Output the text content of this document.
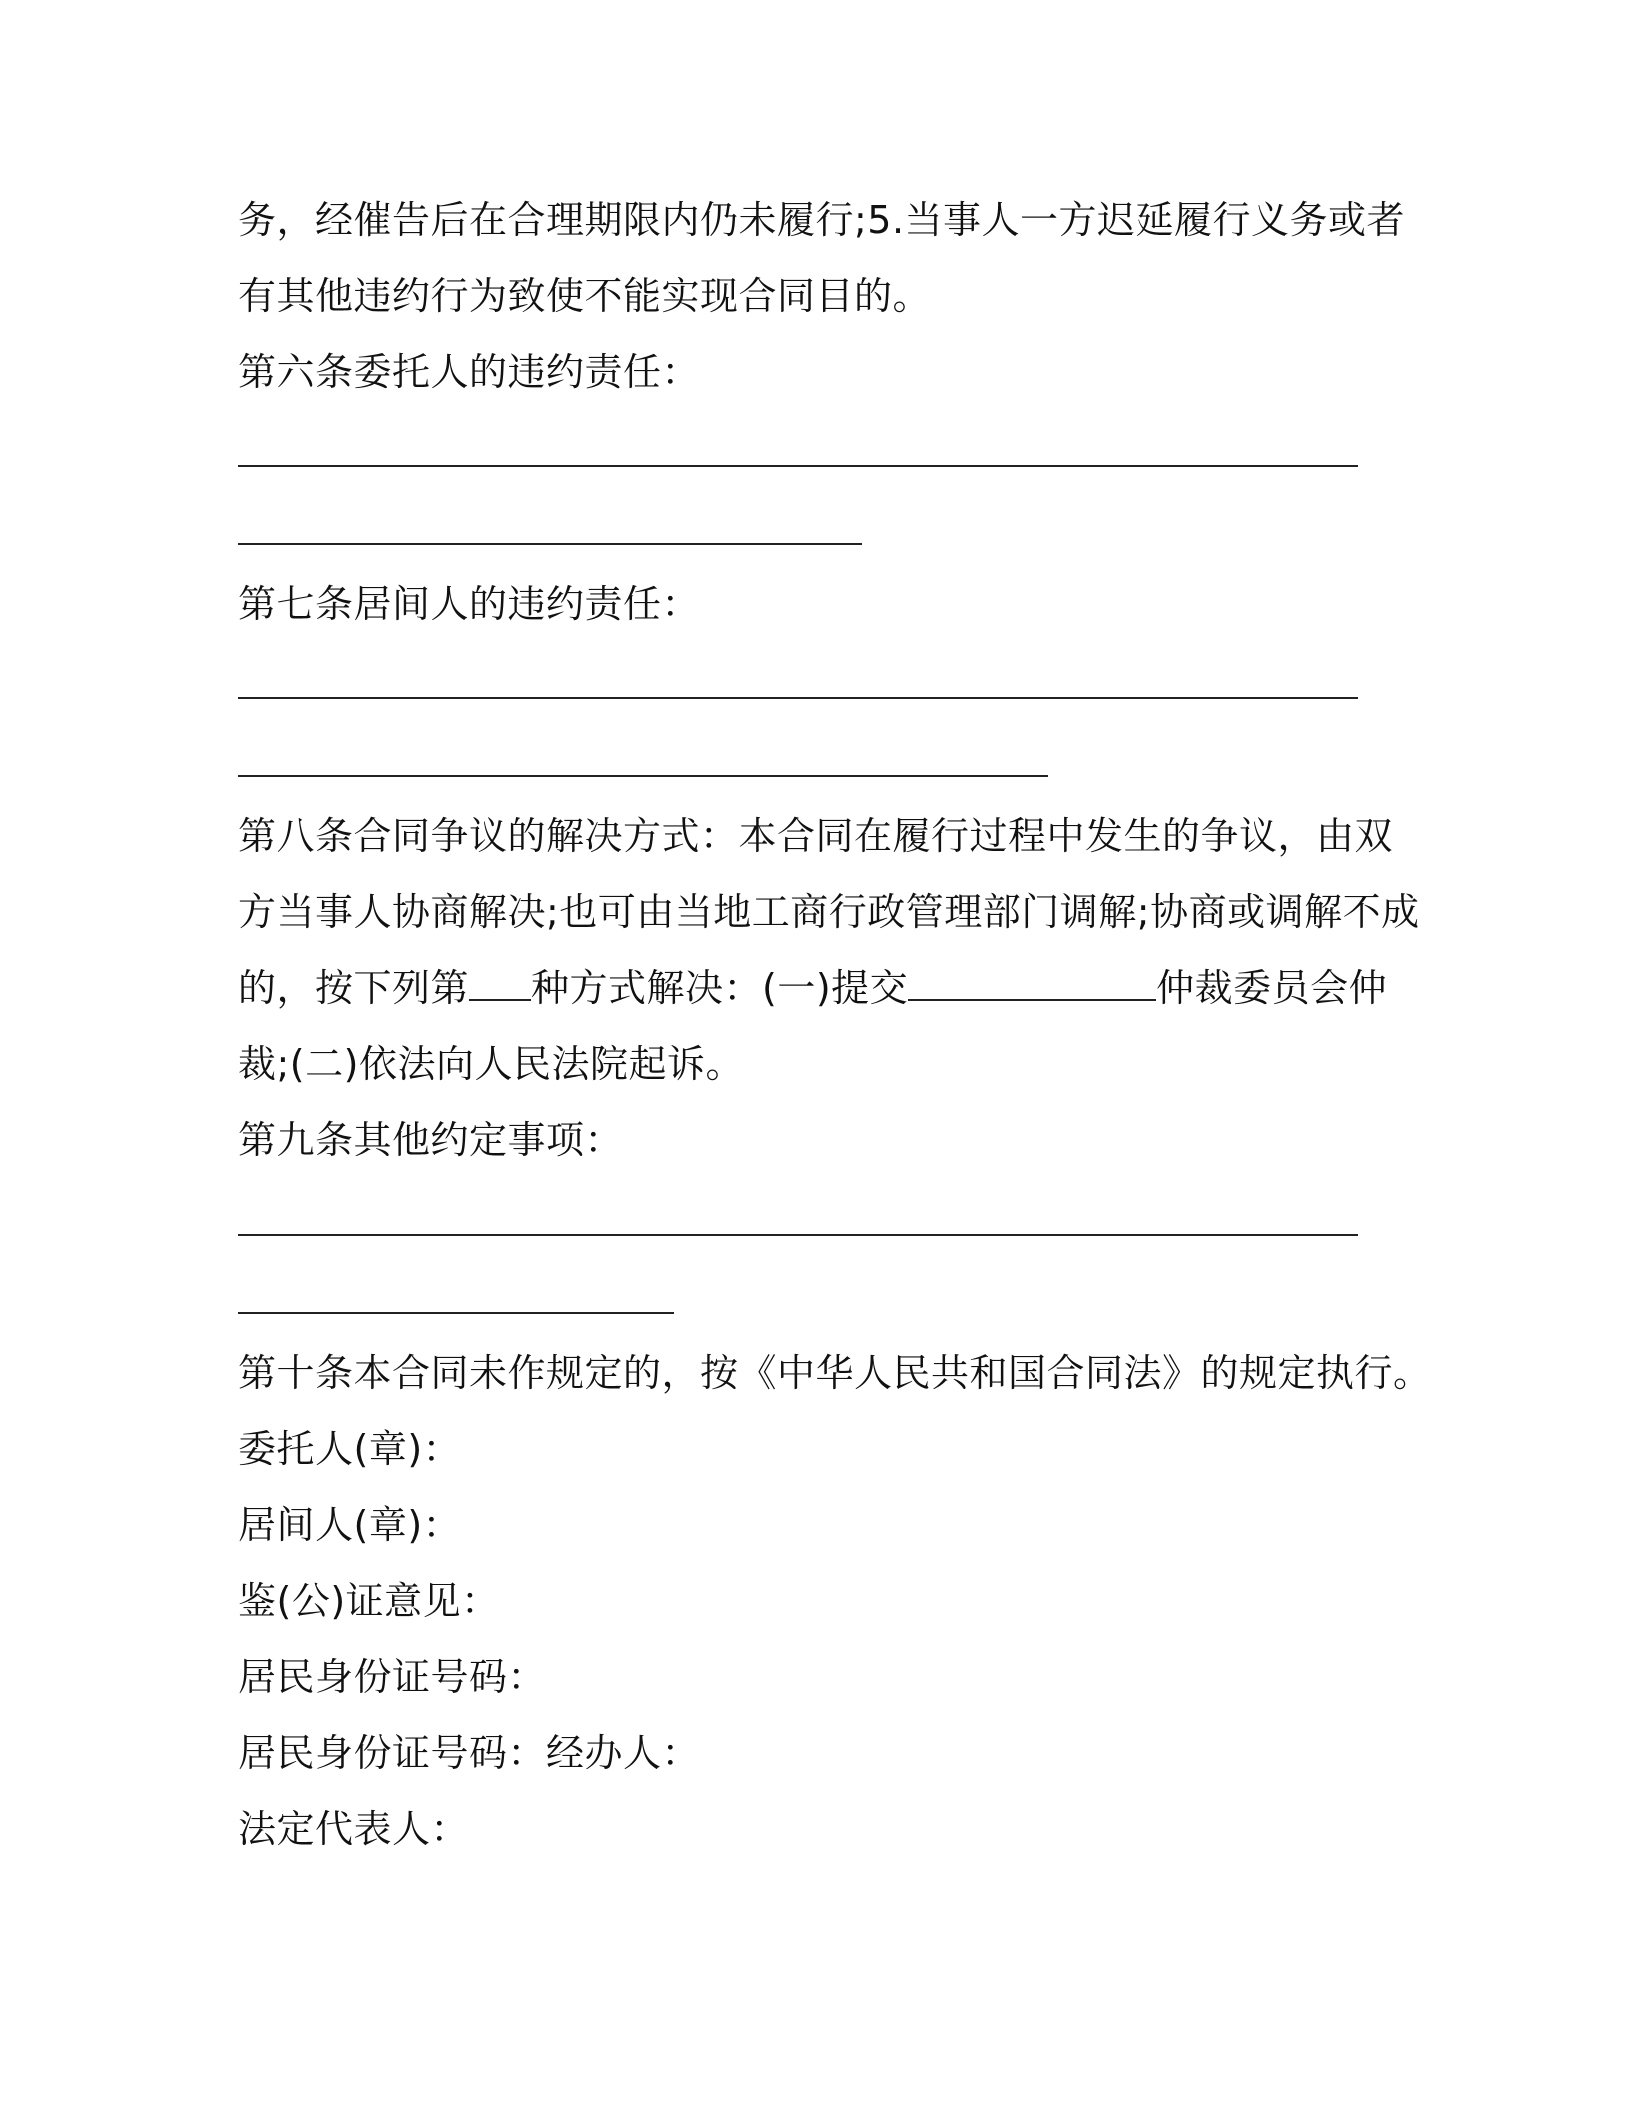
务，经催告后在合理期限内仍未履行;5.当事人一方迟延履行义务或者
有其他违约行为致使不能实现合同目的。
第六条委托人的违约责任：
第七条居间人的违约责任：
第八条合同争议的解决方式：本合同在履行过程中发生的争议，由双
方当事人协商解决;也可由当地工商行政管理部门调解;协商或调解不成
的，按下列第 种方式解决：(一)提交	仲裁委员会仲
裁;(二)依法向人民法院起诉。
第九条其他约定事项：
第十条本合同未作规定的，按《中华人民共和国合同法》的规定执行。
委托人(章)：
居间人(章)：
鉴(公)证意见：
居民身份证号码：
居民身份证号码：经办人：
法定代表人：
